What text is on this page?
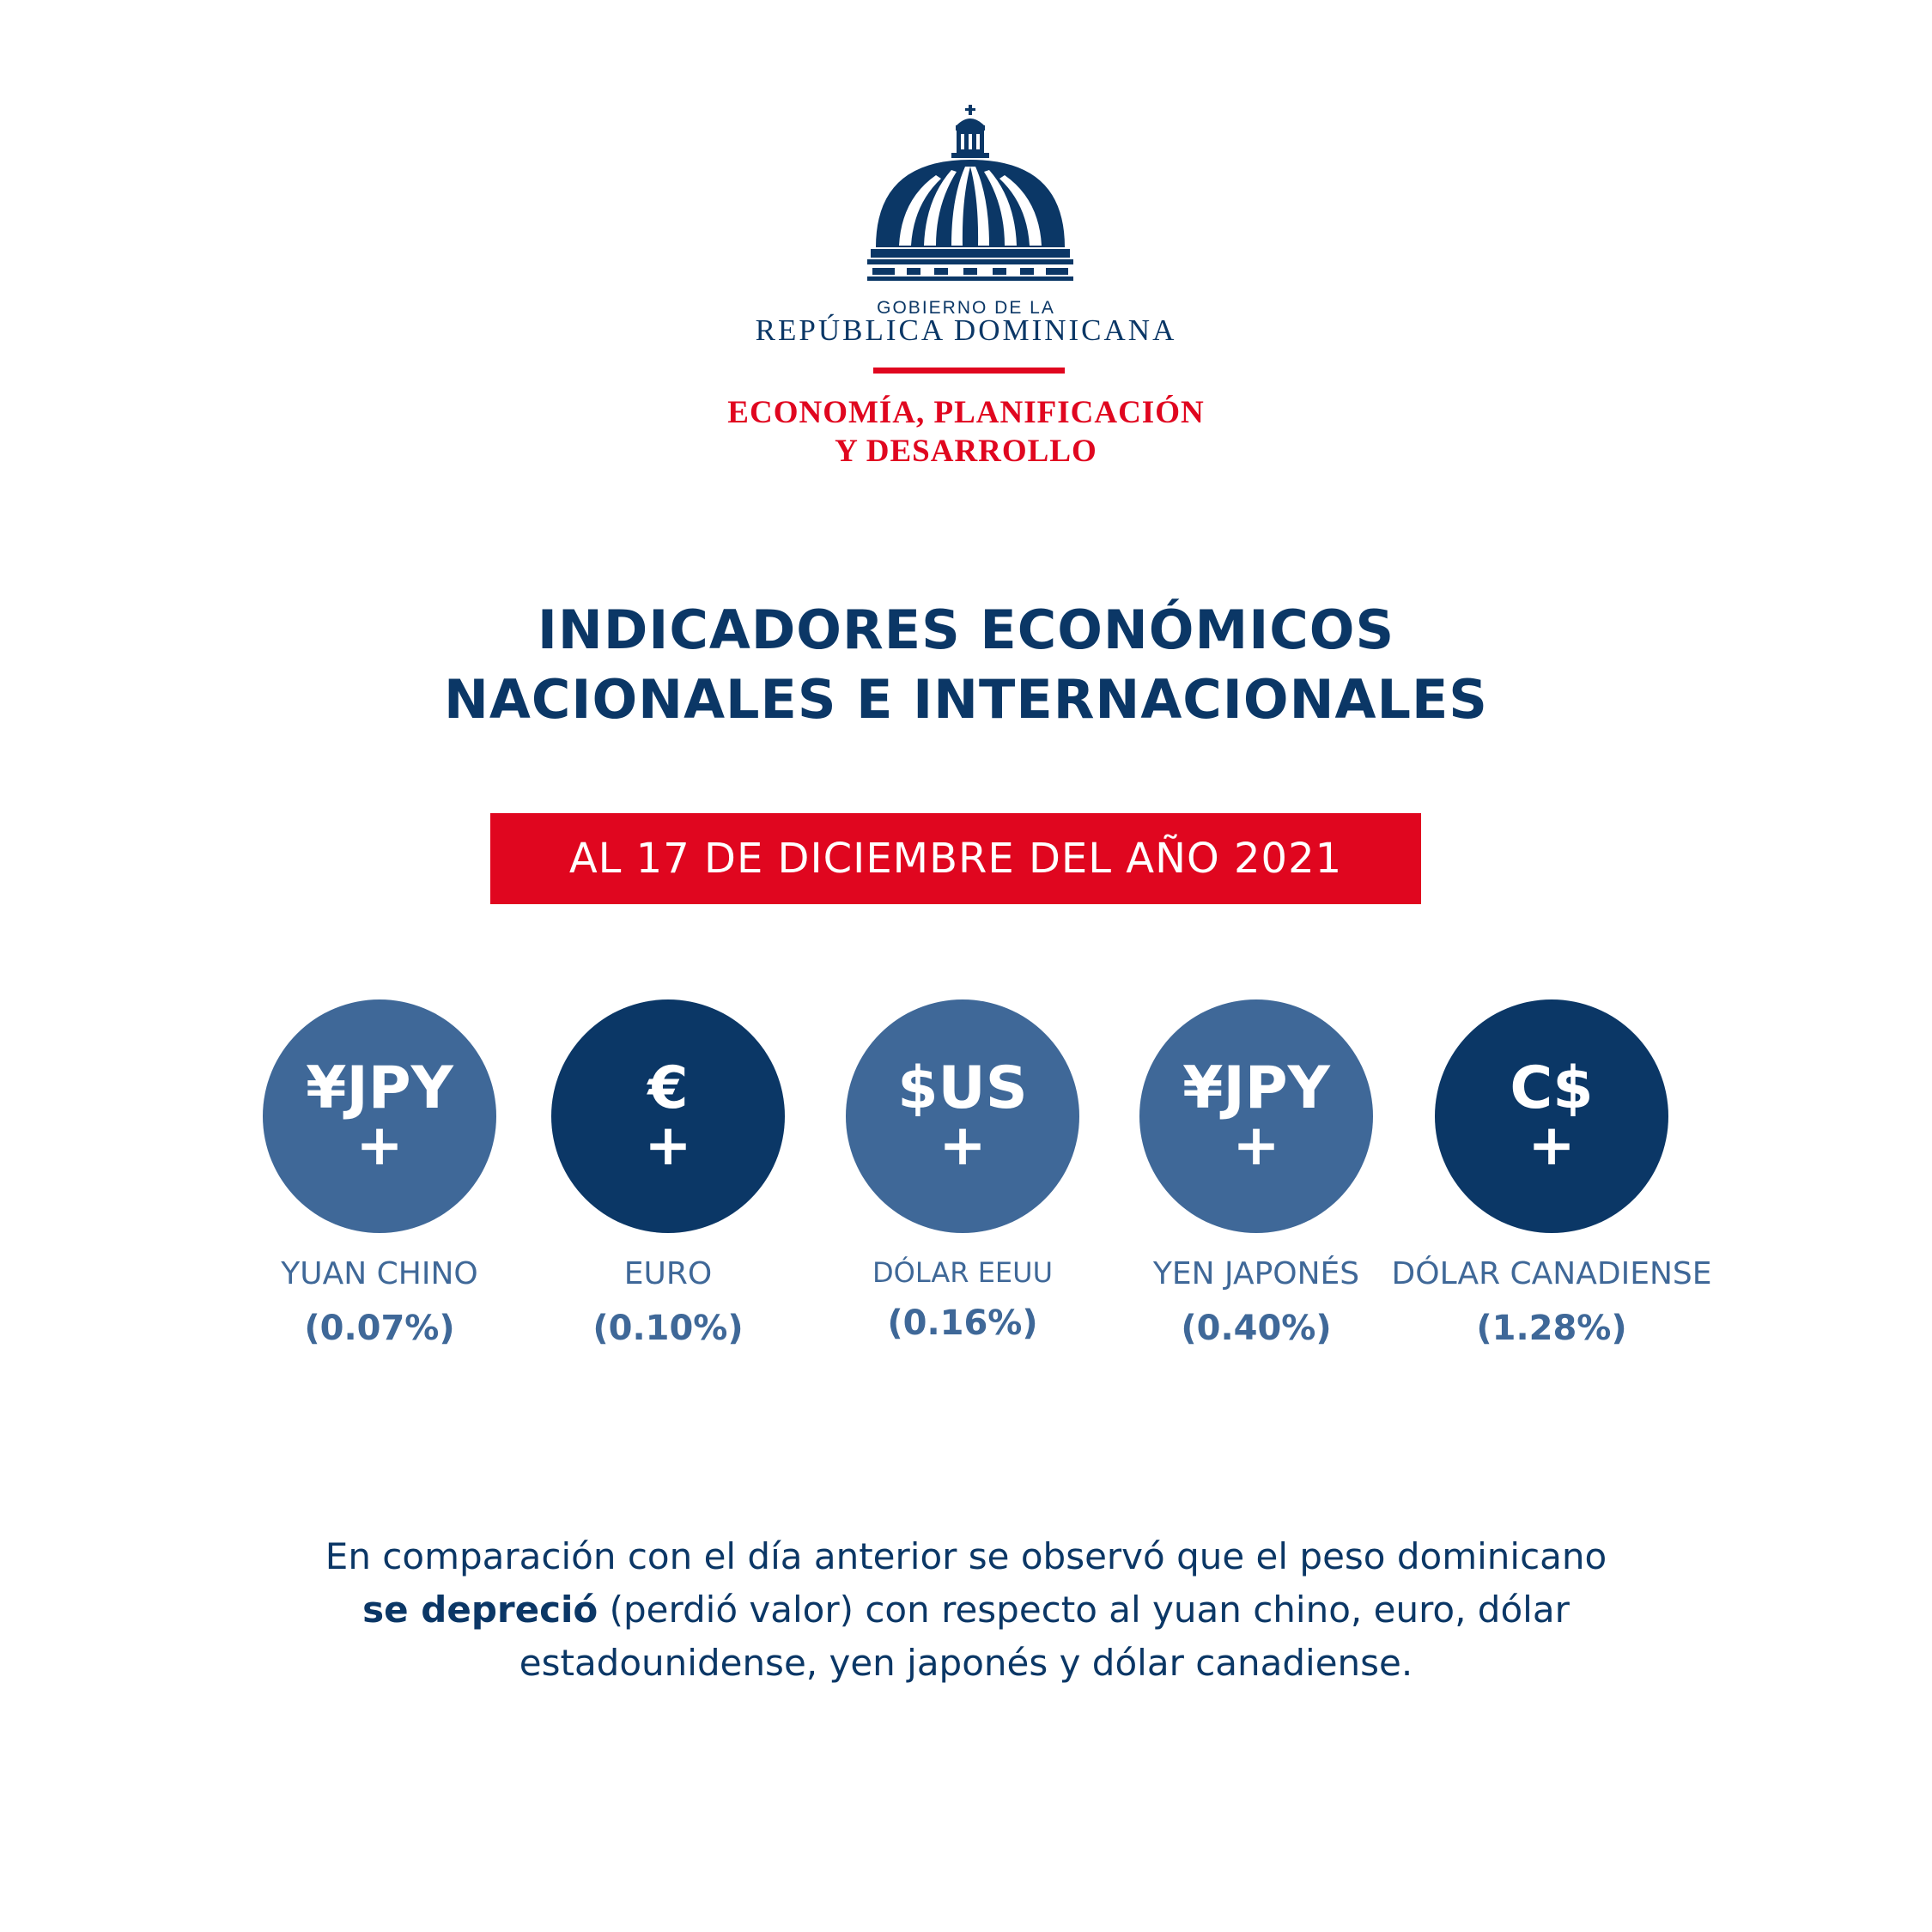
GOBIERNO DE LA
REPÚBLICA DOMINICANA
ECONOMÍA, PLANIFICACIÓN
Y DESARROLLO
INDICADORES ECONÓMICOS
NACIONALES E INTERNACIONALES
AL 17 DE DICIEMBRE DEL AÑO 2021
¥JPY
+
€
+
$US
+
¥JPY
+
C$
+
YUAN CHINO	EURO	DÓLAR EEUU	YEN JAPONÉS	DÓLAR CANADIENSE
(0.07%)	(0.10%)	(0.16%)	(0.40%)	(1.28%)
En comparación con el día anterior se observó que el peso dominicano
se depreció (perdió valor) con respecto al yuan chino, euro, dólar
estadounidense, yen japonés y dólar canadiense.
